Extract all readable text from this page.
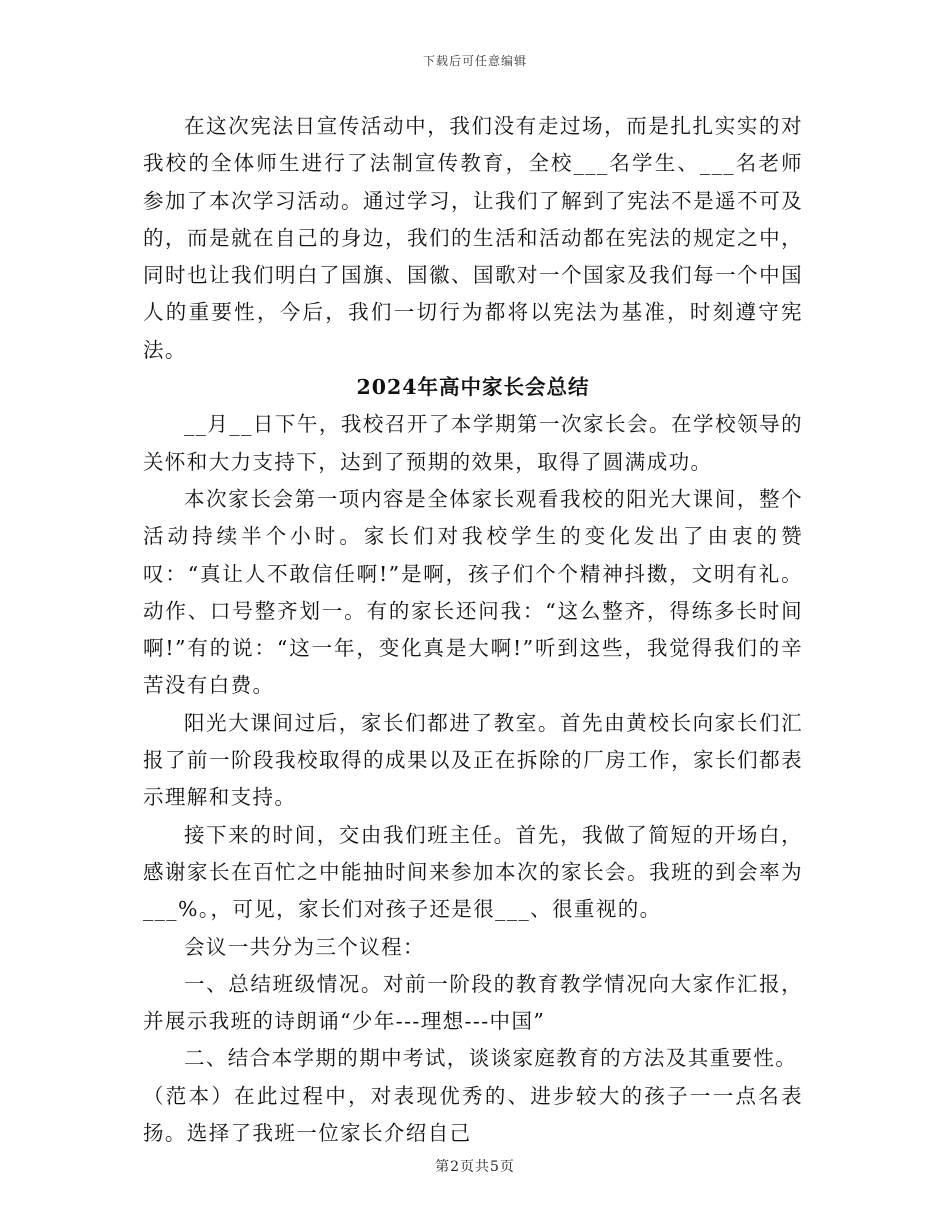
下载后可任意编辑

在这次宪法日宣传活动中，我们没有走过场，而是扎扎实实的对我校的全体师生进行了法制宣传教育，全校___名学生、___名老师参加了本次学习活动。通过学习，让我们了解到了宪法不是遥不可及的，而是就在自己的身边，我们的生活和活动都在宪法的规定之中，同时也让我们明白了国旗、国徽、国歌对一个国家及我们每一个中国人的重要性，今后，我们一切行为都将以宪法为基准，时刻遵守宪法。

2024年高中家长会总结

__月__日下午，我校召开了本学期第一次家长会。在学校领导的关怀和大力支持下，达到了预期的效果，取得了圆满成功。

本次家长会第一项内容是全体家长观看我校的阳光大课间，整个活动持续半个小时。家长们对我校学生的变化发出了由衷的赞叹：“真让人不敢信任啊!”是啊，孩子们个个精神抖擞，文明有礼。动作、口号整齐划一。有的家长还问我：“这么整齐，得练多长时间啊!”有的说：“这一年，变化真是大啊!”听到这些，我觉得我们的辛苦没有白费。

阳光大课间过后，家长们都进了教室。首先由黄校长向家长们汇报了前一阶段我校取得的成果以及正在拆除的厂房工作，家长们都表示理解和支持。

接下来的时间，交由我们班主任。首先，我做了简短的开场白，感谢家长在百忙之中能抽时间来参加本次的家长会。我班的到会率为___%。，可见，家长们对孩子还是很___、很重视的。

会议一共分为三个议程：

一、总结班级情况。对前一阶段的教育教学情况向大家作汇报，并展示我班的诗朗诵“少年---理想---中国”

二、结合本学期的期中考试，谈谈家庭教育的方法及其重要性。

（范本）在此过程中，对表现优秀的、进步较大的孩子一一点名表扬。选择了我班一位家长介绍自己

第2页共5页
